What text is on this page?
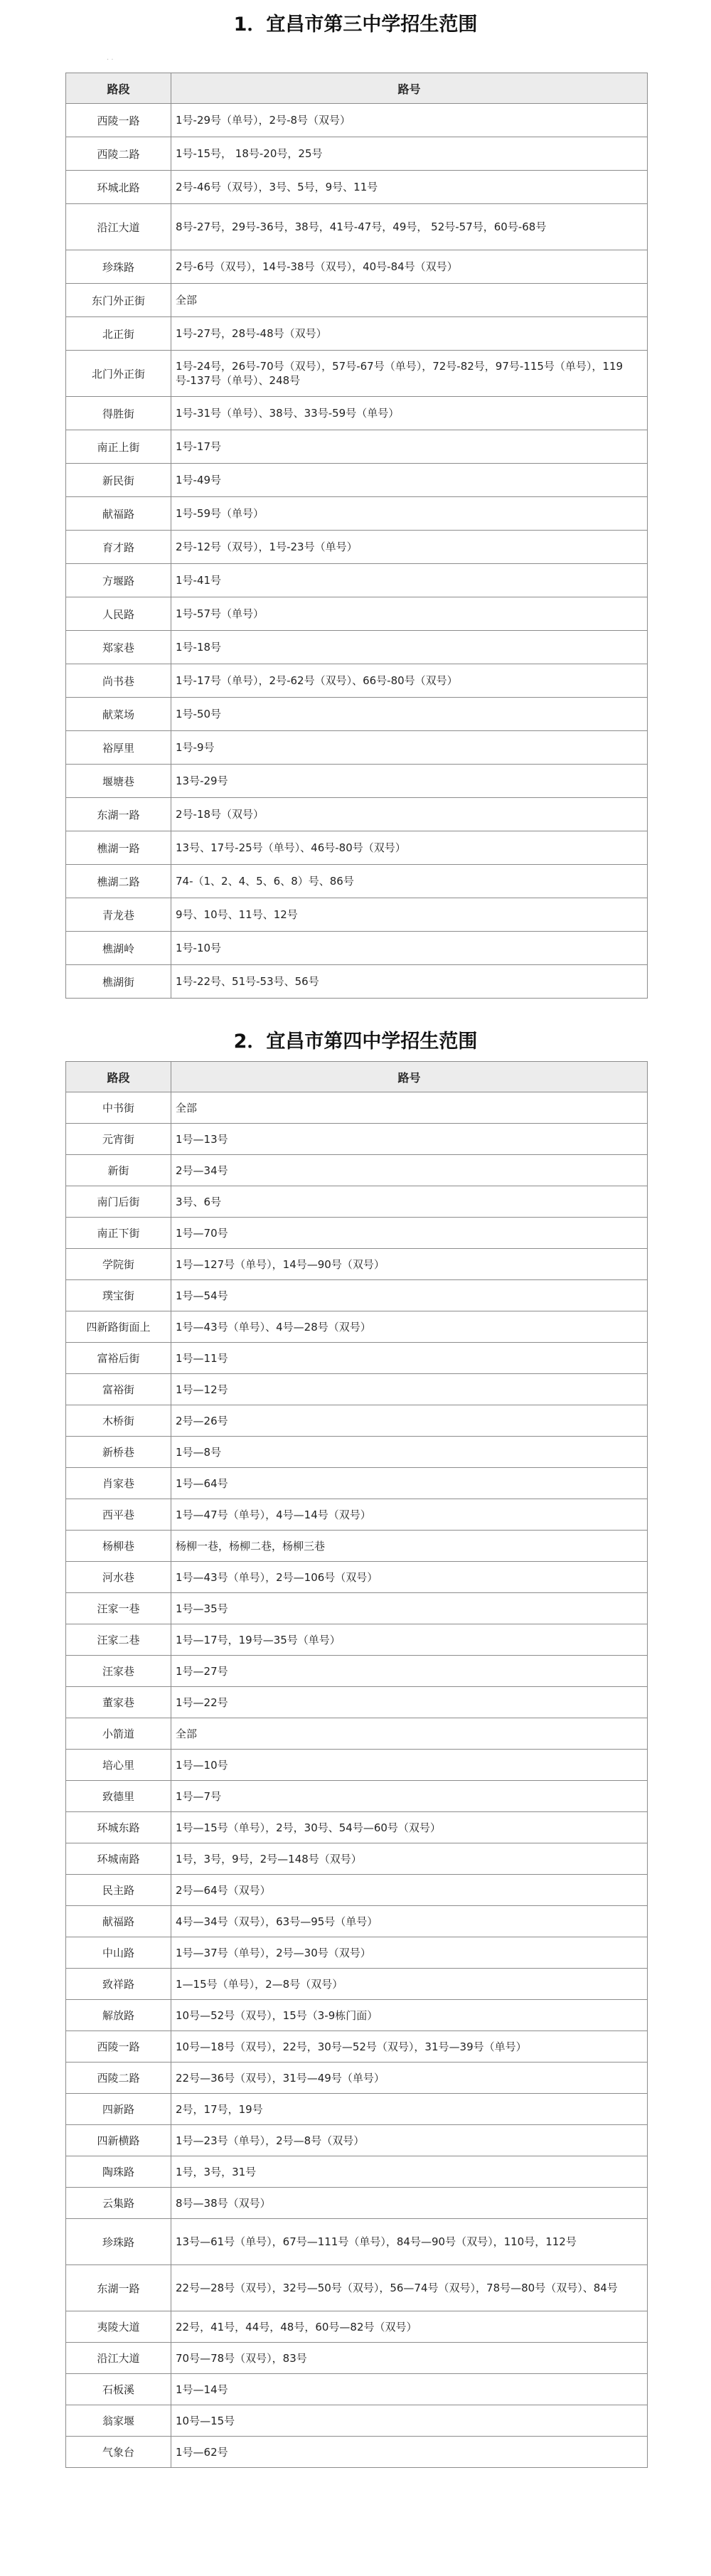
1．宜昌市第三中学招生范围
· ·
路段	路号
西陵一路	1号-29号（单号），2号-8号（双号）
西陵二路	1号-15号， 18号-20号，25号
环城北路	2号-46号（双号），3号、5号，9号、11号
沿江大道	8号-27号，29号-36号，38号，41号-47号，49号， 52号-57号，60号-68号
珍珠路	2号-6号（双号），14号-38号（双号），40号-84号（双号）
东门外正街	全部
北正街	1号-27号，28号-48号（双号）
北门外正街	1号-24号，26号-70号（双号），57号-67号（单号），72号-82号，97号-115号（单号），119号-137号（单号）、248号
得胜街	1号-31号（单号）、38号、33号-59号（单号）
南正上街	1号-17号
新民街	1号-49号
献福路	1号-59号（单号）
育才路	2号-12号（双号），1号-23号（单号）
方堰路	1号-41号
人民路	1号-57号（单号）
郑家巷	1号-18号
尚书巷	1号-17号（单号），2号-62号（双号）、66号-80号（双号）
献菜场	1号-50号
裕厚里	1号-9号
堰塘巷	13号-29号
东湖一路	2号-18号（双号）
樵湖一路	13号、17号-25号（单号）、46号-80号（双号）
樵湖二路	74-（1、2、4、5、6、8）号、86号
青龙巷	9号、10号、11号、12号
樵湖岭	1号-10号
樵湖街	1号-22号、51号-53号、56号
2．宜昌市第四中学招生范围
路段	路号
中书街	全部
元宵街	1号—13号
新街	2号—34号
南门后街	3号、6号
南正下街	1号—70号
学院街	1号—127号（单号），14号—90号（双号）
璞宝街	1号—54号
四新路街面上	1号—43号（单号）、4号—28号（双号）
富裕后街	1号—11号
富裕街	1号—12号
木桥街	2号—26号
新桥巷	1号—8号
肖家巷	1号—64号
西平巷	1号—47号（单号），4号—14号（双号）
杨柳巷	杨柳一巷，杨柳二巷，杨柳三巷
河水巷	1号—43号（单号），2号—106号（双号）
汪家一巷	1号—35号
汪家二巷	1号—17号，19号—35号（单号）
汪家巷	1号—27号
董家巷	1号—22号
小箭道	全部
培心里	1号—10号
致德里	1号—7号
环城东路	1号—15号（单号），2号，30号、54号—60号（双号）
环城南路	1号，3号，9号，2号—148号（双号）
民主路	2号—64号（双号）
献福路	4号—34号（双号），63号—95号（单号）
中山路	1号—37号（单号），2号—30号（双号）
致祥路	1—15号（单号），2—8号（双号）
解放路	10号—52号（双号），15号（3-9栋门面）
西陵一路	10号—18号（双号），22号，30号—52号（双号），31号—39号（单号）
西陵二路	22号—36号（双号），31号—49号（单号）
四新路	2号，17号，19号
四新横路	1号—23号（单号），2号—8号（双号）
陶珠路	1号，3号，31号
云集路	8号—38号（双号）
珍珠路	13号—61号（单号），67号—111号（单号），84号—90号（双号），110号，112号
东湖一路	22号—28号（双号），32号—50号（双号），56—74号（双号），78号—80号（双号）、84号
夷陵大道	22号，41号，44号，48号，60号—82号（双号）
沿江大道	70号—78号（双号），83号
石板溪	1号—14号
翁家堰	10号—15号
气象台	1号—62号
